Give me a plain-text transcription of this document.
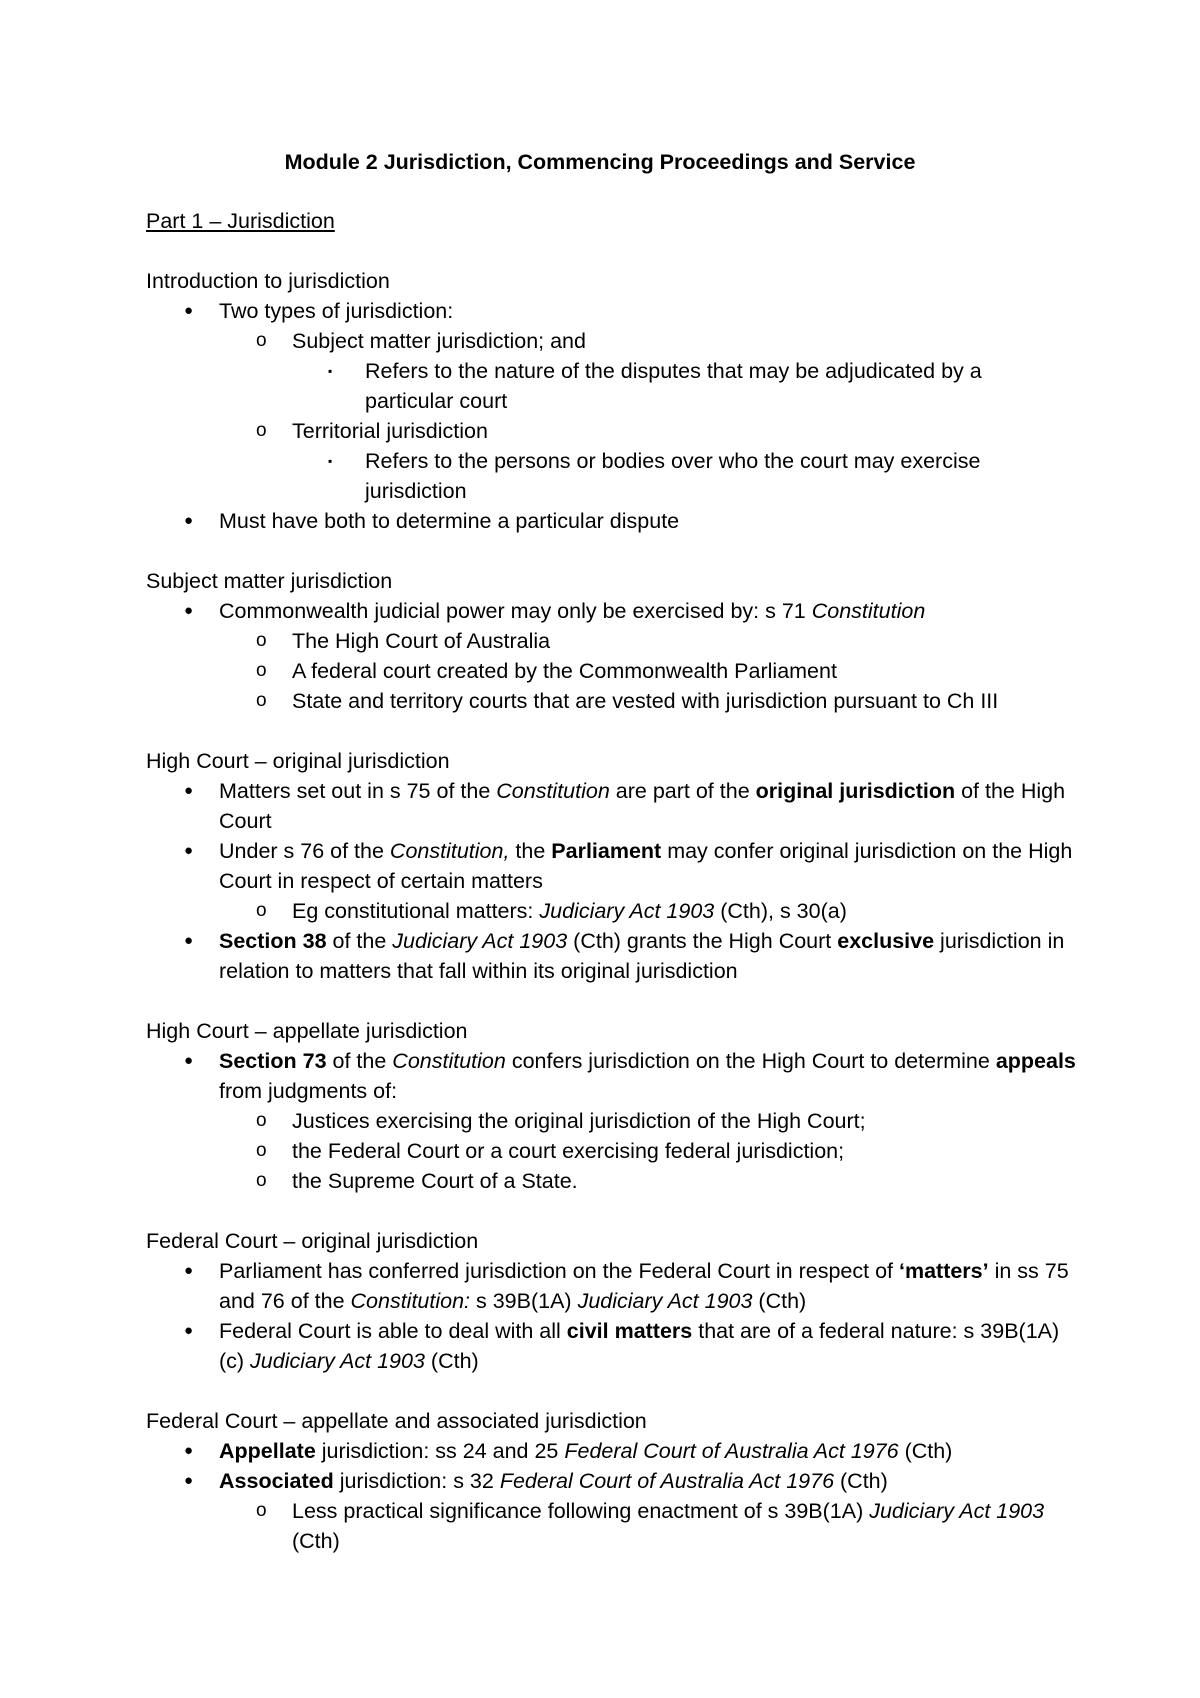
Module 2 Jurisdiction, Commencing Proceedings and Service
Part 1 – Jurisdiction
Introduction to jurisdiction
● Two types of jurisdiction:
o Subject matter jurisdiction; and
▪ Refers to the nature of the disputes that may be adjudicated by a particular court
o Territorial jurisdiction
▪ Refers to the persons or bodies over who the court may exercise jurisdiction
● Must have both to determine a particular dispute
Subject matter jurisdiction
● Commonwealth judicial power may only be exercised by: s 71 Constitution
o The High Court of Australia
o A federal court created by the Commonwealth Parliament
o State and territory courts that are vested with jurisdiction pursuant to Ch III
High Court – original jurisdiction
● Matters set out in s 75 of the Constitution are part of the original jurisdiction of the High Court
● Under s 76 of the Constitution, the Parliament may confer original jurisdiction on the High Court in respect of certain matters
o Eg constitutional matters: Judiciary Act 1903 (Cth), s 30(a)
● Section 38 of the Judiciary Act 1903 (Cth) grants the High Court exclusive jurisdiction in relation to matters that fall within its original jurisdiction
High Court – appellate jurisdiction
● Section 73 of the Constitution confers jurisdiction on the High Court to determine appeals from judgments of:
o Justices exercising the original jurisdiction of the High Court;
o the Federal Court or a court exercising federal jurisdiction;
o the Supreme Court of a State.
Federal Court – original jurisdiction
● Parliament has conferred jurisdiction on the Federal Court in respect of ‘matters’ in ss 75 and 76 of the Constitution: s 39B(1A) Judiciary Act 1903 (Cth)
● Federal Court is able to deal with all civil matters that are of a federal nature: s 39B(1A)(c) Judiciary Act 1903 (Cth)
Federal Court – appellate and associated jurisdiction
● Appellate jurisdiction: ss 24 and 25 Federal Court of Australia Act 1976 (Cth)
● Associated jurisdiction: s 32 Federal Court of Australia Act 1976 (Cth)
o Less practical significance following enactment of s 39B(1A) Judiciary Act 1903 (Cth)
